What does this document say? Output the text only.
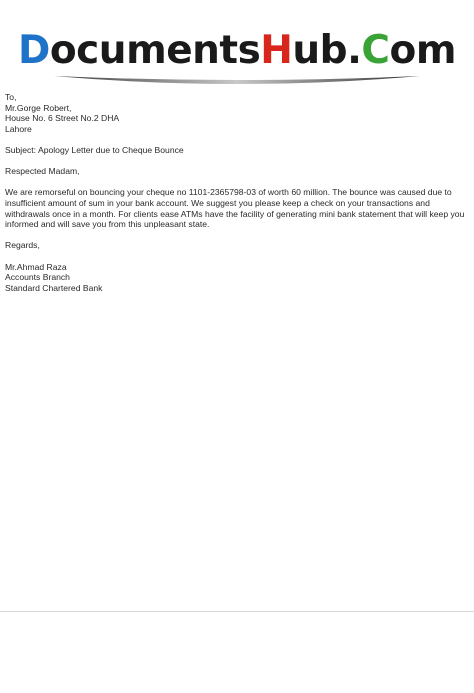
DocumentsHub.Com
To,
Mr.Gorge Robert,
House No. 6 Street No.2 DHA
Lahore
Subject: Apology Letter due to Cheque Bounce
Respected Madam,
We are remorseful on bouncing your cheque no 1101-2365798-03 of worth 60 million. The bounce was caused due to insufficient amount of sum in your bank account. We suggest you please keep a check on your transactions and withdrawals once in a month. For clients ease ATMs have the facility of generating mini bank statement that will keep you informed and will save you from this unpleasant state.
Regards,
Mr.Ahmad Raza
Accounts Branch
Standard Chartered Bank
